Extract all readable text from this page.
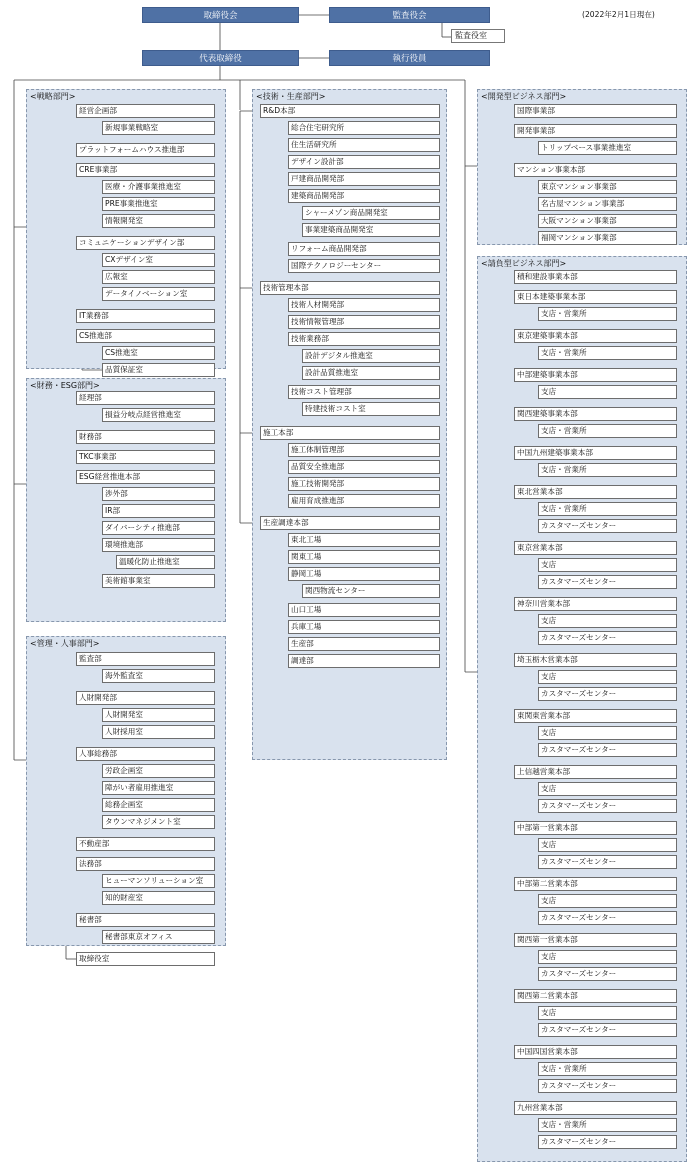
(2022年2月1日現在)
取締役会	監査役会
監査役室
代表取締役	執行役員
<戦略部門>
<財務・ESG部門>
<管理・人事部門>
<技術・生産部門>	<開発型ビジネス部門>
<請負型ビジネス部門>
経営企画部
新規事業戦略室
プラットフォームハウス推進部
CRE事業部
医療・介護事業推進室
PRE事業推進室
情報開発室
コミュニケーションデザイン部
CXデザイン室
広報室
データイノベーション室
IT業務部
CS推進部
CS推進室
品質保証室
経理部
損益分岐点経営推進室
財務部
TKC事業部
ESG経営推進本部
渉外部
IR部
ダイバーシティ推進部
環境推進部
温暖化防止推進室
美術館事業室
監査部
海外監査室
人財開発部
人財開発室
人財採用室
人事総務部
労政企画室
障がい者雇用推進室
総務企画室
タウンマネジメント室
不動産部
法務部
ヒューマンソリューション室
知的財産室
秘書部
秘書部東京オフィス
取締役室
R&D本部
総合住宅研究所
住生活研究所
デザイン設計部
戸建商品開発部
建築商品開発部
シャーメゾン商品開発室
事業建築商品開発室
リフォーム商品開発部
国際テクノロジーセンター
技術管理本部
技術人材開発部
技術情報管理部
技術業務部
設計デジタル推進室
設計品質推進室
技術コスト管理部
特建技術コスト室
施工本部
施工体制管理部
品質安全推進部
施工技術開発部
雇用育成推進部
生産調達本部
東北工場
関東工場
静岡工場
関西物流センター
山口工場
兵庫工場
生産部
調達部
国際事業部
開発事業部
トリップベース事業推進室
マンション事業本部
東京マンション事業部
名古屋マンション事業部
大阪マンション事業部
福岡マンション事業部
積和建設事業本部
東日本建築事業本部
支店・営業所
東京建築事業本部
支店・営業所
中部建築事業本部
支店
関西建築事業本部
支店・営業所
中国九州建築事業本部
支店・営業所
東北営業本部
支店・営業所
カスタマーズセンター
東京営業本部
支店
カスタマーズセンター
神奈川営業本部
支店
カスタマーズセンター
埼玉栃木営業本部
支店
カスタマーズセンター
東関東営業本部
支店
カスタマーズセンター
上信越営業本部
支店
カスタマーズセンター
中部第一営業本部
支店
カスタマーズセンター
中部第二営業本部
支店
カスタマーズセンター
関西第一営業本部
支店
カスタマーズセンター
関西第二営業本部
支店
カスタマーズセンター
中国四国営業本部
支店・営業所
カスタマーズセンター
九州営業本部
支店・営業所
カスタマーズセンター
